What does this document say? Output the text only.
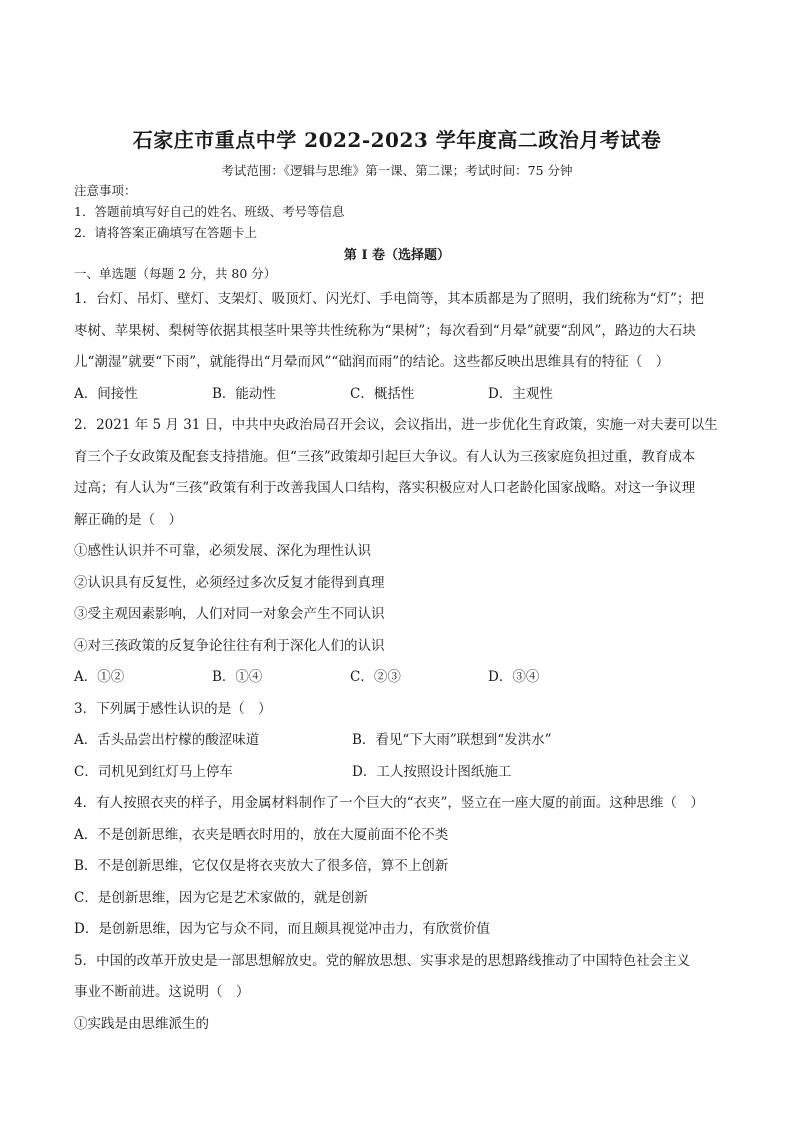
石家庄市重点中学 2022-2023 学年度高二政治月考试卷
考试范围：《逻辑与思维》第一课、第二课；考试时间：75 分钟
注意事项：
1．答题前填写好自己的姓名、班级、考号等信息
2．请将答案正确填写在答题卡上
第 I 卷（选择题）
一、单选题（每题 2 分，共 80 分）
1．台灯、吊灯、壁灯、支架灯、吸顶灯、闪光灯、手电筒等，其本质都是为了照明，我们统称为“灯”；把
枣树、苹果树、梨树等依据其根茎叶果等共性统称为“果树”；每次看到“月晕”就要“刮风”，路边的大石块
儿“潮湿”就要“下雨”，就能得出“月晕而风”“础润而雨”的结论。这些都反映出思维具有的特征（　）
A．间接性	B．能动性	C．概括性	D．主观性
2．2021 年 5 月 31 日，中共中央政治局召开会议，会议指出，进一步优化生育政策，实施一对夫妻可以生
育三个子女政策及配套支持措施。但“三孩”政策却引起巨大争议。有人认为三孩家庭负担过重，教育成本
过高；有人认为“三孩”政策有利于改善我国人口结构，落实积极应对人口老龄化国家战略。对这一争议理
解正确的是（　）
①感性认识并不可靠，必须发展、深化为理性认识
②认识具有反复性，必须经过多次反复才能得到真理
③受主观因素影响，人们对同一对象会产生不同认识
④对三孩政策的反复争论往往有利于深化人们的认识
A．①②	B．①④	C．②③	D．③④
3．下列属于感性认识的是（　）
A．舌头品尝出柠檬的酸涩味道	B．看见“下大雨”联想到“发洪水”
C．司机见到红灯马上停车	D．工人按照设计图纸施工
4．有人按照衣夹的样子，用金属材料制作了一个巨大的“衣夹”，竖立在一座大厦的前面。这种思维（　）
A．不是创新思维，衣夹是晒衣时用的，放在大厦前面不伦不类
B．不是创新思维，它仅仅是将衣夹放大了很多倍，算不上创新
C．是创新思维，因为它是艺术家做的，就是创新
D．是创新思维，因为它与众不同，而且颇具视觉冲击力，有欣赏价值
5．中国的改革开放史是一部思想解放史。党的解放思想、实事求是的思想路线推动了中国特色社会主义
事业不断前进。这说明（　）
①实践是由思维派生的
